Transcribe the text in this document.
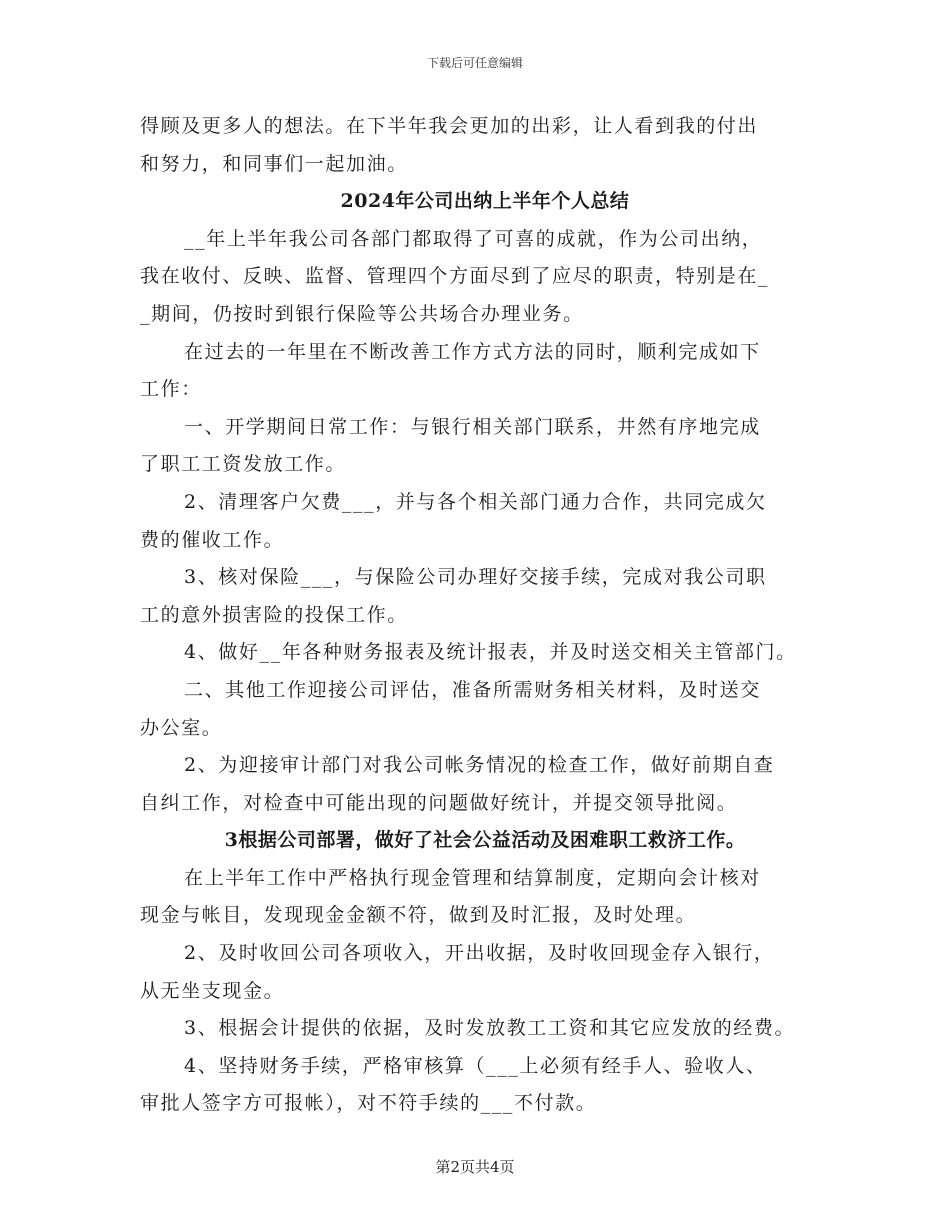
下载后可任意编辑
得顾及更多人的想法。在下半年我会更加的出彩，让人看到我的付出
和努力，和同事们一起加油。
2024年公司出纳上半年个人总结
__年上半年我公司各部门都取得了可喜的成就，作为公司出纳，
我在收付、反映、监督、管理四个方面尽到了应尽的职责，特别是在_
_期间，仍按时到银行保险等公共场合办理业务。
在过去的一年里在不断改善工作方式方法的同时，顺利完成如下
工作：
一、开学期间日常工作：与银行相关部门联系，井然有序地完成
了职工工资发放工作。
2、清理客户欠费___，并与各个相关部门通力合作，共同完成欠
费的催收工作。
3、核对保险___，与保险公司办理好交接手续，完成对我公司职
工的意外损害险的投保工作。
4、做好__年各种财务报表及统计报表，并及时送交相关主管部门。
二、其他工作迎接公司评估，准备所需财务相关材料，及时送交
办公室。
2、为迎接审计部门对我公司帐务情况的检查工作，做好前期自查
自纠工作，对检查中可能出现的问题做好统计，并提交领导批阅。
3根据公司部署，做好了社会公益活动及困难职工救济工作。
在上半年工作中严格执行现金管理和结算制度，定期向会计核对
现金与帐目，发现现金金额不符，做到及时汇报，及时处理。
2、及时收回公司各项收入，开出收据，及时收回现金存入银行，
从无坐支现金。
3、根据会计提供的依据，及时发放教工工资和其它应发放的经费。
4、坚持财务手续，严格审核算（___上必须有经手人、验收人、
审批人签字方可报帐），对不符手续的___不付款。
第2页共4页
